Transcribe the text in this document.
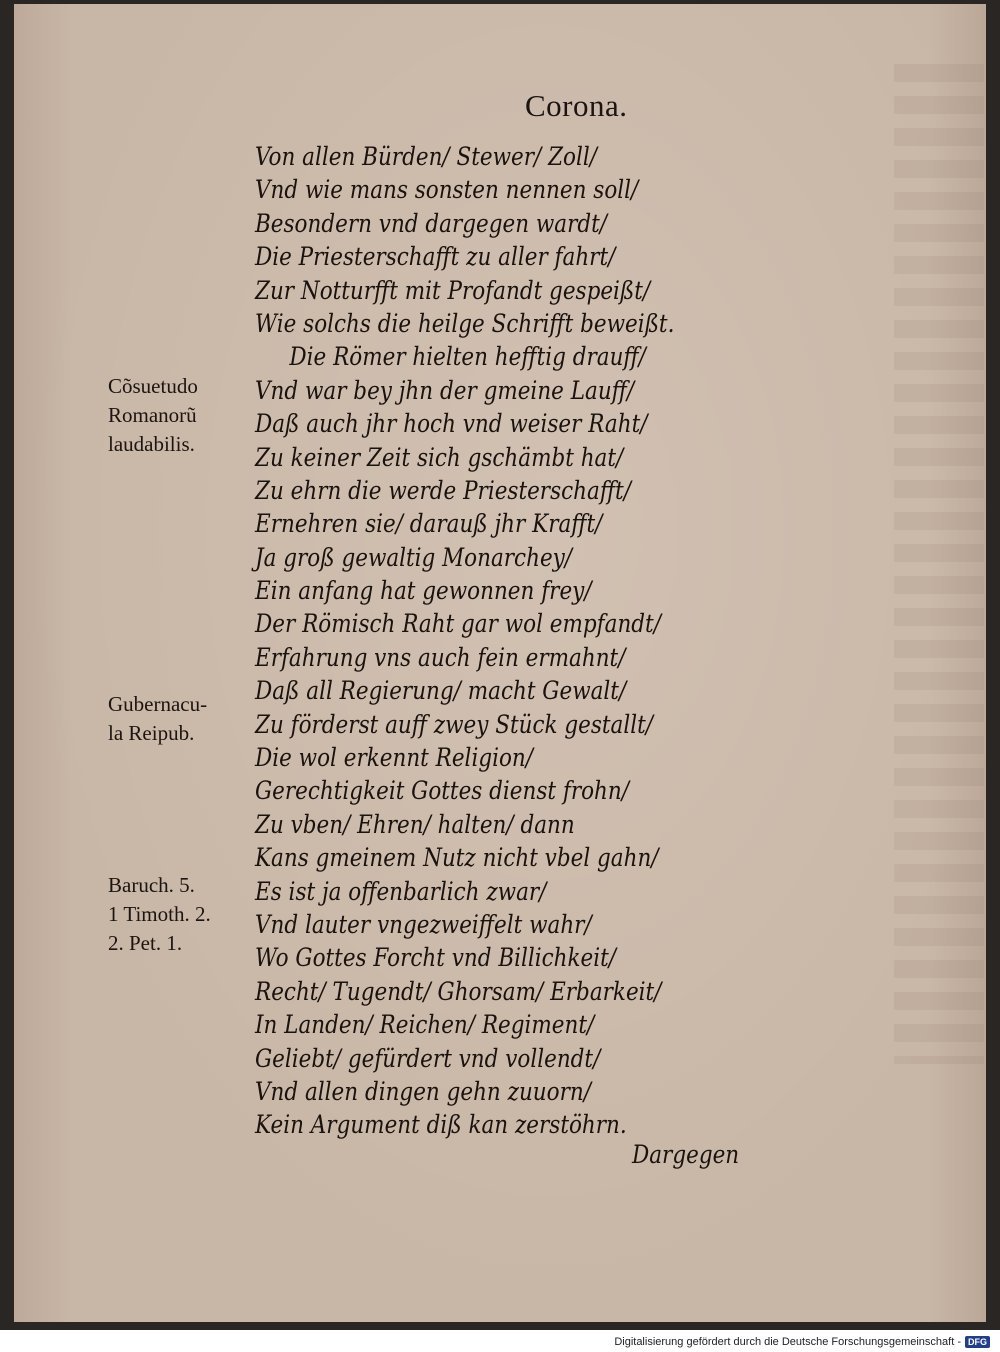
Corona.
Von allen Bürden/ Stewer/ Zoll/
Vnd wie mans sonsten nennen soll/
Besondern vnd dargegen wardt/
Die Priesterschafft zu aller fahrt/
Zur Notturfft mit Profandt gespeißt/
Wie solchs die heilge Schrifft beweißt.
Die Römer hielten hefftig drauff/
Vnd war bey jhn der gmeine Lauff/
Daß auch jhr hoch vnd weiser Raht/
Zu keiner Zeit sich gschämbt hat/
Zu ehrn die werde Priesterschafft/
Ernehren sie/ darauß jhr Krafft/
Ja groß gewaltig Monarchey/
Ein anfang hat gewonnen frey/
Der Römisch Raht gar wol empfandt/
Erfahrung vns auch fein ermahnt/
Daß all Regierung/ macht Gewalt/
Zu förderst auff zwey Stück gestallt/
Die wol erkennt Religion/
Gerechtigkeit Gottes dienst frohn/
Zu vben/ Ehren/ halten/ dann
Kans gmeinem Nutz nicht vbel gahn/
Es ist ja offenbarlich zwar/
Vnd lauter vngezweiffelt wahr/
Wo Gottes Forcht vnd Billichkeit/
Recht/ Tugendt/ Ghorsam/ Erbarkeit/
In Landen/ Reichen/ Regiment/
Geliebt/ gefürdert vnd vollendt/
Vnd allen dingen gehn zuuorn/
Kein Argument diß kan zerstöhrn.
Cõsuetudo
Romanorũ
laudabilis.
Gubernacu-
la Reipub.
Baruch. 5.
1 Timoth. 2.
2. Pet. 1.
Dargegen
Digitalisierung gefördert durch die Deutsche Forschungsgemeinschaft - DFG
